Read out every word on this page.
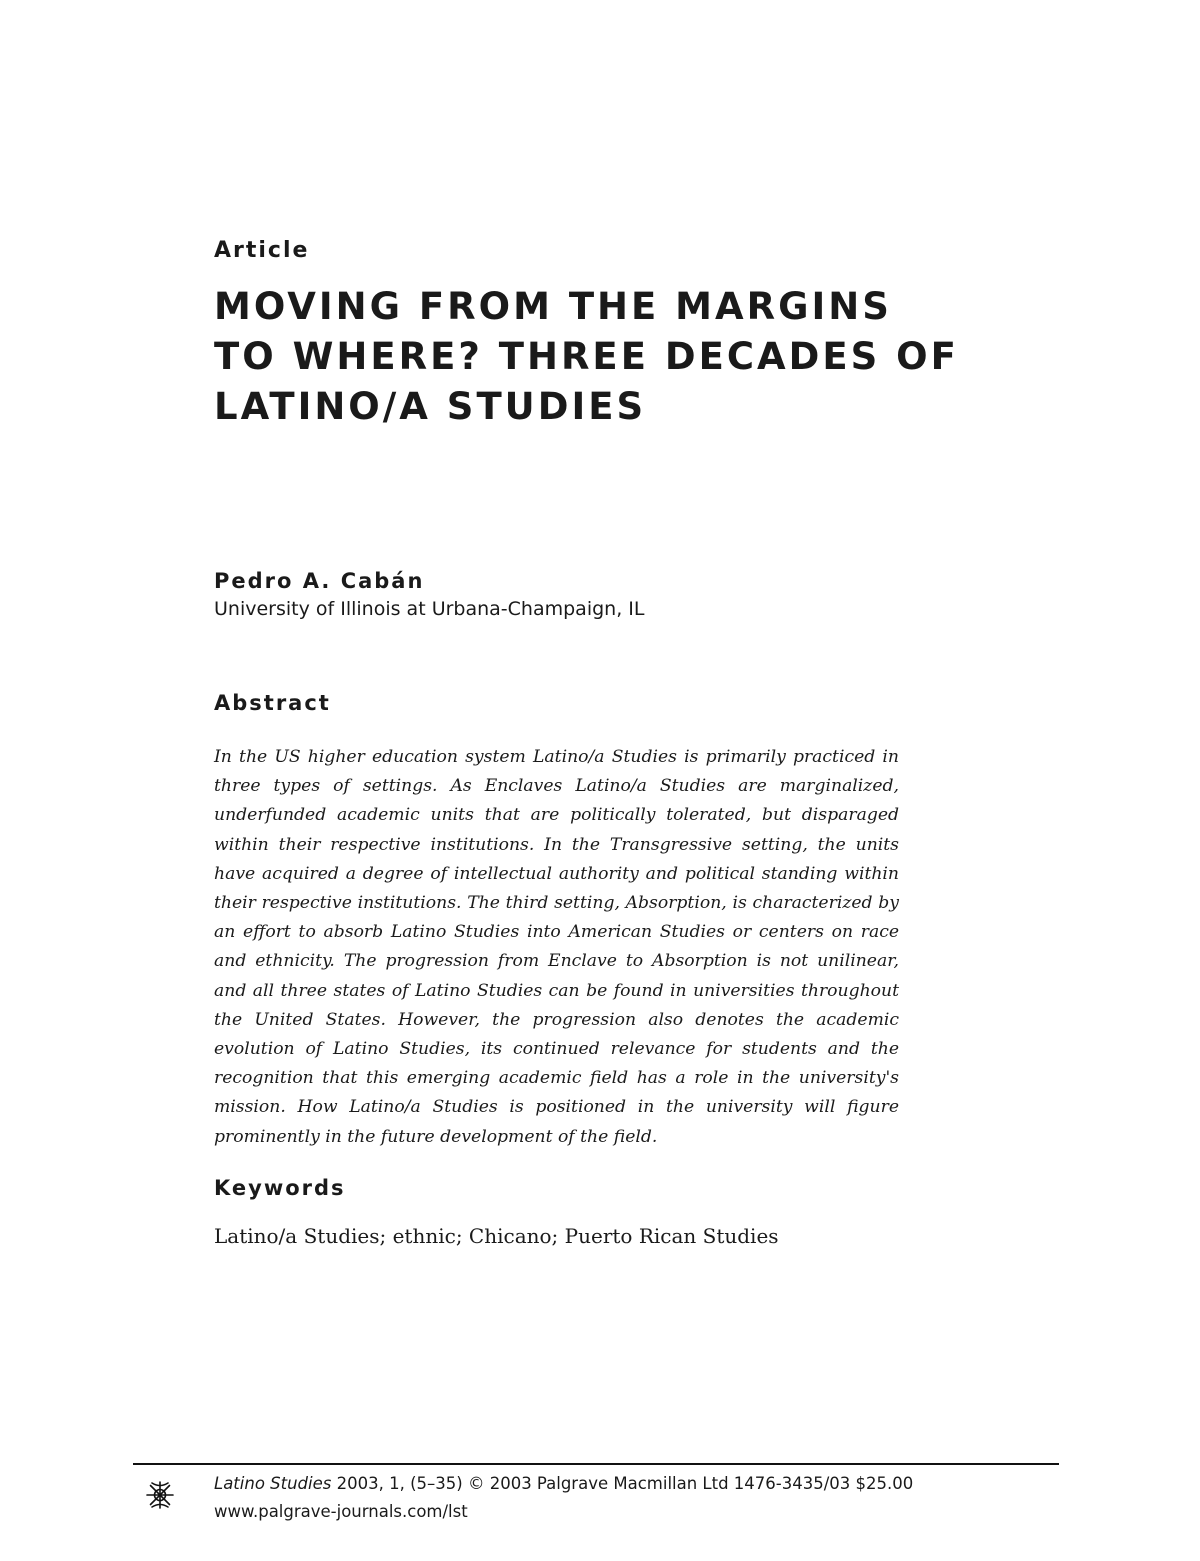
Article
MOVING FROM THE MARGINS
TO WHERE? THREE DECADES OF
LATINO/A STUDIES
Pedro A. Cabán
University of Illinois at Urbana-Champaign, IL
Abstract

In the US higher education system Latino/a Studies is primarily practiced in three types of settings. As Enclaves Latino/a Studies are marginalized, underfunded academic units that are politically tolerated, but disparaged within their respective institutions. In the Transgressive setting, the units have acquired a degree of intellectual authority and political standing within their respective institutions. The third setting, Absorption, is characterized by an effort to absorb Latino Studies into American Studies or centers on race and ethnicity. The progression from Enclave to Absorption is not unilinear, and all three states of Latino Studies can be found in universities throughout the United States. However, the progression also denotes the academic evolution of Latino Studies, its continued relevance for students and the recognition that this emerging academic field has a role in the university's mission. How Latino/a Studies is positioned in the university will figure prominently in the future development of the field.

Keywords
Latino/a Studies; ethnic; Chicano; Puerto Rican Studies
Latino Studies 2003, 1, (5–35) © 2003 Palgrave Macmillan Ltd 1476-3435/03 $25.00
www.palgrave-journals.com/lst
